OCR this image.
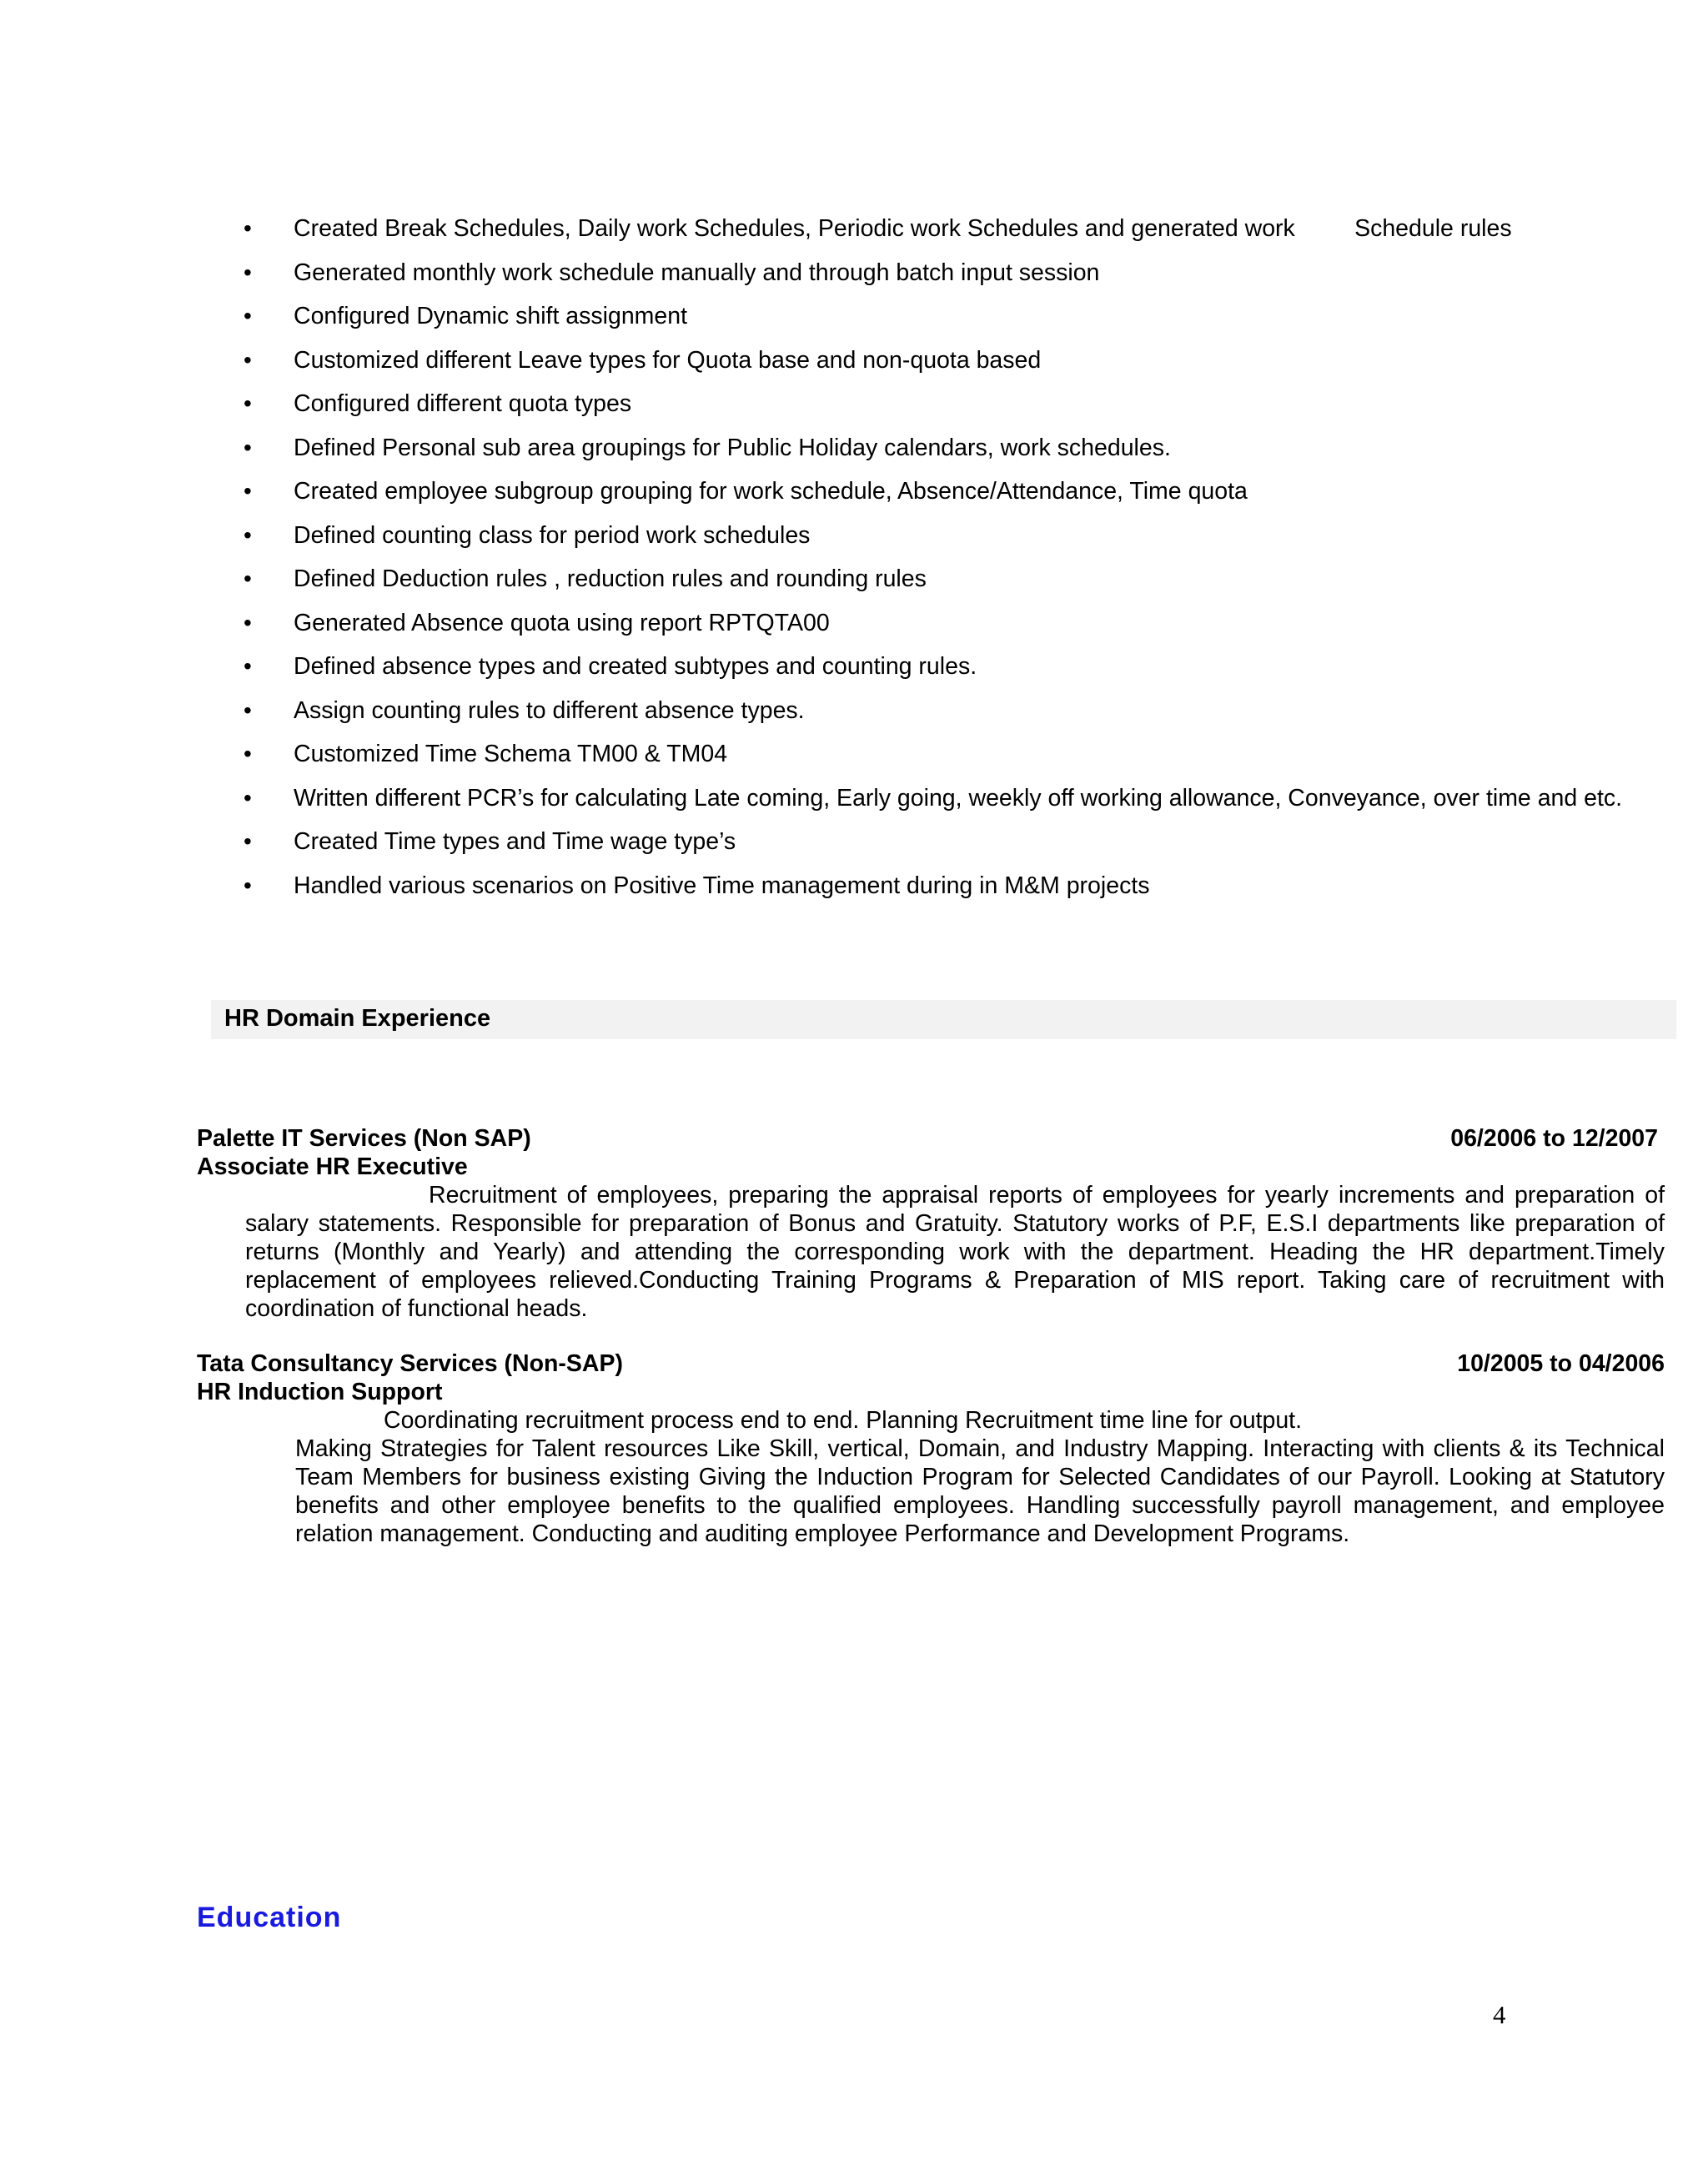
• Created Break Schedules, Daily work Schedules, Periodic work Schedules and generated work         Schedule rules
• Generated monthly work schedule manually and through batch input session
• Configured Dynamic shift assignment
• Customized different Leave types for Quota base and non-quota based
• Configured different quota types
• Defined Personal sub area groupings for Public Holiday calendars, work schedules.
• Created employee subgroup grouping for work schedule, Absence/Attendance, Time quota
• Defined counting class for period work schedules
• Defined Deduction rules , reduction rules and rounding rules
• Generated Absence quota using report RPTQTA00
• Defined absence types and created subtypes and counting rules.
• Assign counting rules to different absence types.
• Customized Time Schema TM00 & TM04
• Written different PCR’s for calculating Late coming, Early going, weekly off working allowance, Conveyance, over time and etc.
• Created Time types and Time wage type’s
• Handled various scenarios on Positive Time management during in M&M projects
HR Domain Experience
Palette IT Services (Non SAP)	06/2006 to 12/2007
Associate HR Executive
Recruitment of employees, preparing the appraisal reports of employees for yearly increments and preparation of salary statements. Responsible for preparation of Bonus and Gratuity. Statutory works of P.F, E.S.I departments like preparation of returns (Monthly and Yearly) and attending the corresponding work with the department. Heading the HR department.Timely replacement of employees relieved.Conducting Training Programs & Preparation of MIS report. Taking care of recruitment with coordination of functional heads.
Tata Consultancy Services (Non-SAP)	10/2005 to 04/2006
HR Induction Support
Coordinating recruitment process end to end. Planning Recruitment time line for output.
Making Strategies for Talent resources Like Skill, vertical, Domain, and Industry Mapping. Interacting with clients & its Technical Team Members for business existing Giving the Induction Program for Selected Candidates of our Payroll. Looking at Statutory benefits and other employee benefits to the qualified employees. Handling successfully payroll management, and employee relation management. Conducting and auditing employee Performance and Development Programs.
Education
4
